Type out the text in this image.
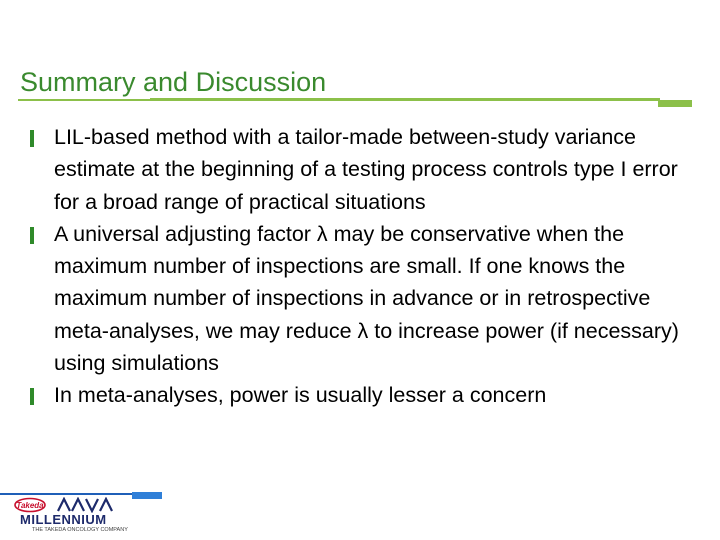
Summary and Discussion
LIL-based method with a tailor-made between-study variance estimate at the beginning of a testing process controls type I error for a broad range of practical situations
A universal adjusting factor λ may be conservative when the maximum number of inspections are small. If one knows the maximum number of inspections in advance or in retrospective meta-analyses, we may reduce λ to increase power (if necessary) using simulations
In meta-analyses, power is usually lesser a concern
Takeda
MILLENNIUM
THE TAKEDA ONCOLOGY COMPANY
